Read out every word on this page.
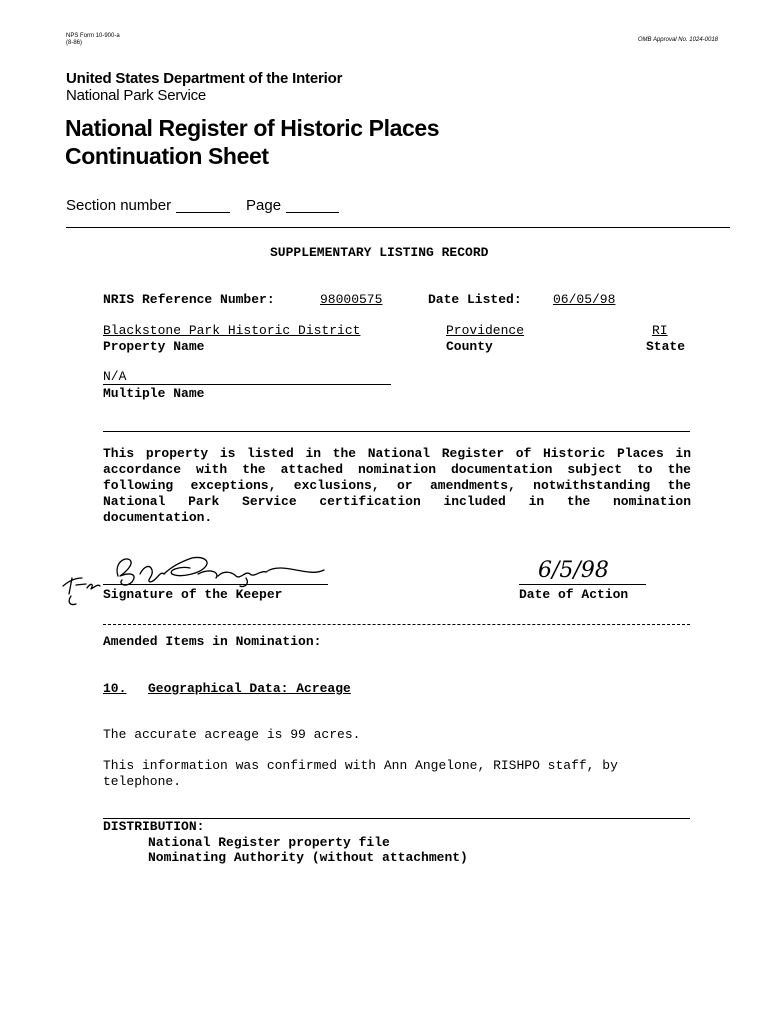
NPS Form 10-900-a
(8-86)	OMB Approval No. 1024-0018
United States Department of the Interior
National Park Service
National Register of Historic Places
Continuation Sheet
Section number	Page
SUPPLEMENTARY LISTING RECORD
NRIS Reference Number:	98000575	Date Listed: 06/05/98
Blackstone Park Historic District
Property Name
Providence
County
RI
State
N/A
Multiple Name
This property is listed in the National Register of Historic Places in accordance with the attached nomination documentation subject to the following exceptions, exclusions, or amendments, notwithstanding the National Park Service certification included in the nomination documentation.
Signature of the Keeper
6/5/98
Date of Action
Amended Items in Nomination:
10. Geographical Data: Acreage
The accurate acreage is 99 acres.
This information was confirmed with Ann Angelone, RISHPO staff, by telephone.
DISTRIBUTION:
National Register property file
Nominating Authority (without attachment)
